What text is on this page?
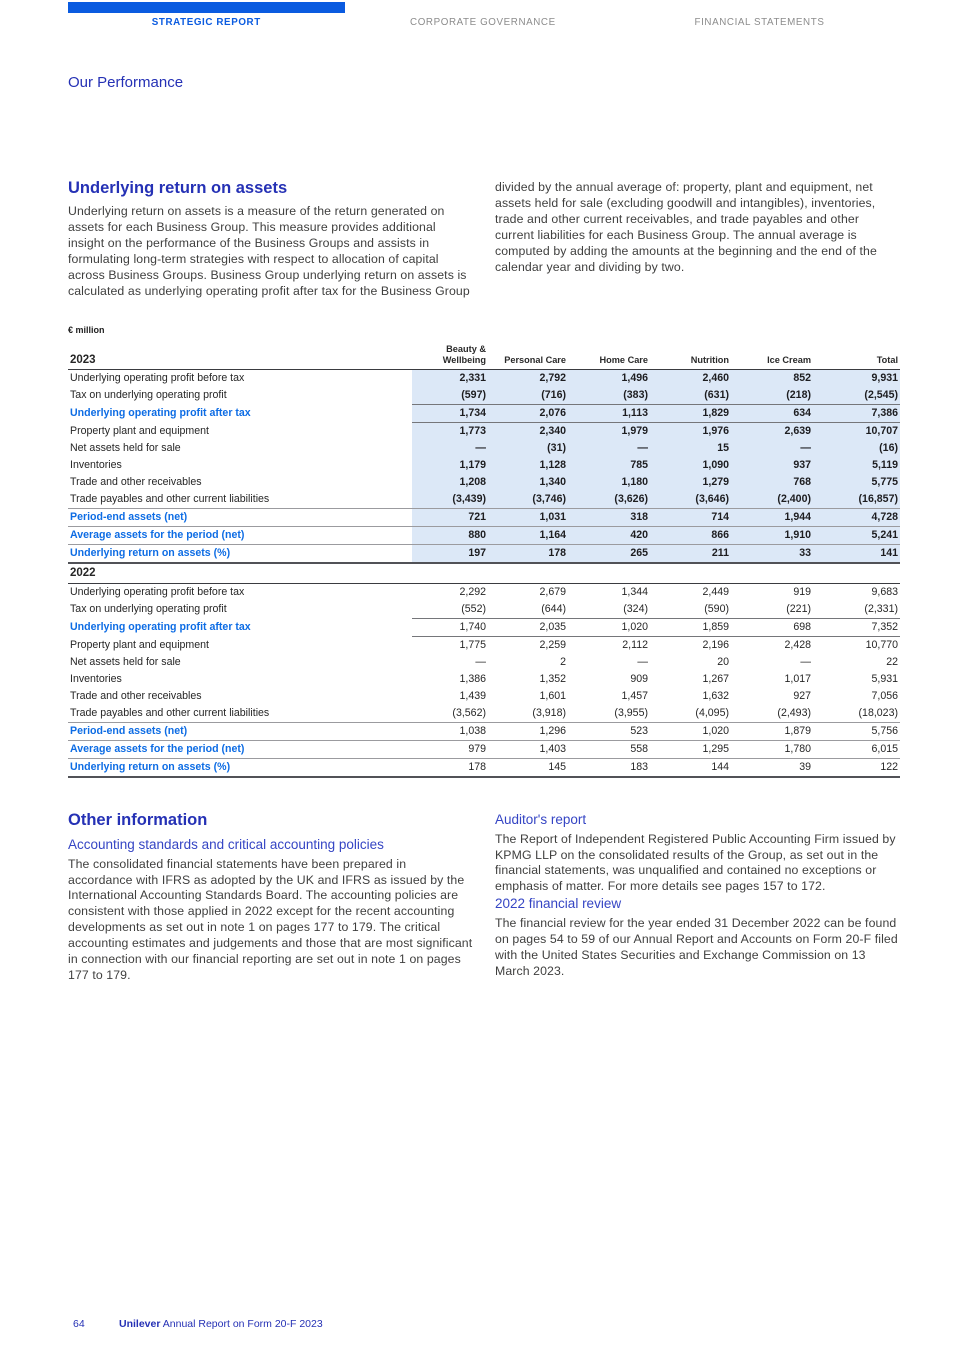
STRATEGIC REPORT	CORPORATE GOVERNANCE	FINANCIAL STATEMENTS
Our Performance
Underlying return on assets

Underlying return on assets is a measure of the return generated on assets for each Business Group. This measure provides additional insight on the performance of the Business Groups and assists in formulating long-term strategies with respect to allocation of capital across Business Groups. Business Group underlying return on assets is calculated as underlying operating profit after tax for the Business Group

divided by the annual average of: property, plant and equipment, net assets held for sale (excluding goodwill and intangibles), inventories, trade and other current receivables, and trade payables and other current liabilities for each Business Group. The annual average is computed by adding the amounts at the beginning and the end of the calendar year and dividing by two.

€ million
2023	Beauty & Wellbeing	Personal Care	Home Care	Nutrition	Ice Cream	Total
Underlying operating profit before tax	2,331	2,792	1,496	2,460	852	9,931
Tax on underlying operating profit	(597)	(716)	(383)	(631)	(218)	(2,545)
Underlying operating profit after tax	1,734	2,076	1,113	1,829	634	7,386
Property plant and equipment	1,773	2,340	1,979	1,976	2,639	10,707
Net assets held for sale	—	(31)	—	15	—	(16)
Inventories	1,179	1,128	785	1,090	937	5,119
Trade and other receivables	1,208	1,340	1,180	1,279	768	5,775
Trade payables and other current liabilities	(3,439)	(3,746)	(3,626)	(3,646)	(2,400)	(16,857)
Period-end assets (net)	721	1,031	318	714	1,944	4,728
Average assets for the period (net)	880	1,164	420	866	1,910	5,241
Underlying return on assets (%)	197	178	265	211	33	141
2022						
Underlying operating profit before tax	2,292	2,679	1,344	2,449	919	9,683
Tax on underlying operating profit	(552)	(644)	(324)	(590)	(221)	(2,331)
Underlying operating profit after tax	1,740	2,035	1,020	1,859	698	7,352
Property plant and equipment	1,775	2,259	2,112	2,196	2,428	10,770
Net assets held for sale	—	2	—	20	—	22
Inventories	1,386	1,352	909	1,267	1,017	5,931
Trade and other receivables	1,439	1,601	1,457	1,632	927	7,056
Trade payables and other current liabilities	(3,562)	(3,918)	(3,955)	(4,095)	(2,493)	(18,023)
Period-end assets (net)	1,038	1,296	523	1,020	1,879	5,756
Average assets for the period (net)	979	1,403	558	1,295	1,780	6,015
Underlying return on assets (%)	178	145	183	144	39	122
Other information
Accounting standards and critical accounting policies

The consolidated financial statements have been prepared in accordance with IFRS as adopted by the UK and IFRS as issued by the International Accounting Standards Board. The accounting policies are consistent with those applied in 2022 except for the recent accounting developments as set out in note 1 on pages 177 to 179. The critical accounting estimates and judgements and those that are most significant in connection with our financial reporting are set out in note 1 on pages 177 to 179.

Auditor's report

The Report of Independent Registered Public Accounting Firm issued by KPMG LLP on the consolidated results of the Group, as set out in the financial statements, was unqualified and contained no exceptions or emphasis of matter. For more details see pages 157 to 172.

2022 financial review

The financial review for the year ended 31 December 2022 can be found on pages 54 to 59 of our Annual Report and Accounts on Form 20-F filed with the United States Securities and Exchange Commission on 13 March 2023.

64	Unilever Annual Report on Form 20-F 2023
